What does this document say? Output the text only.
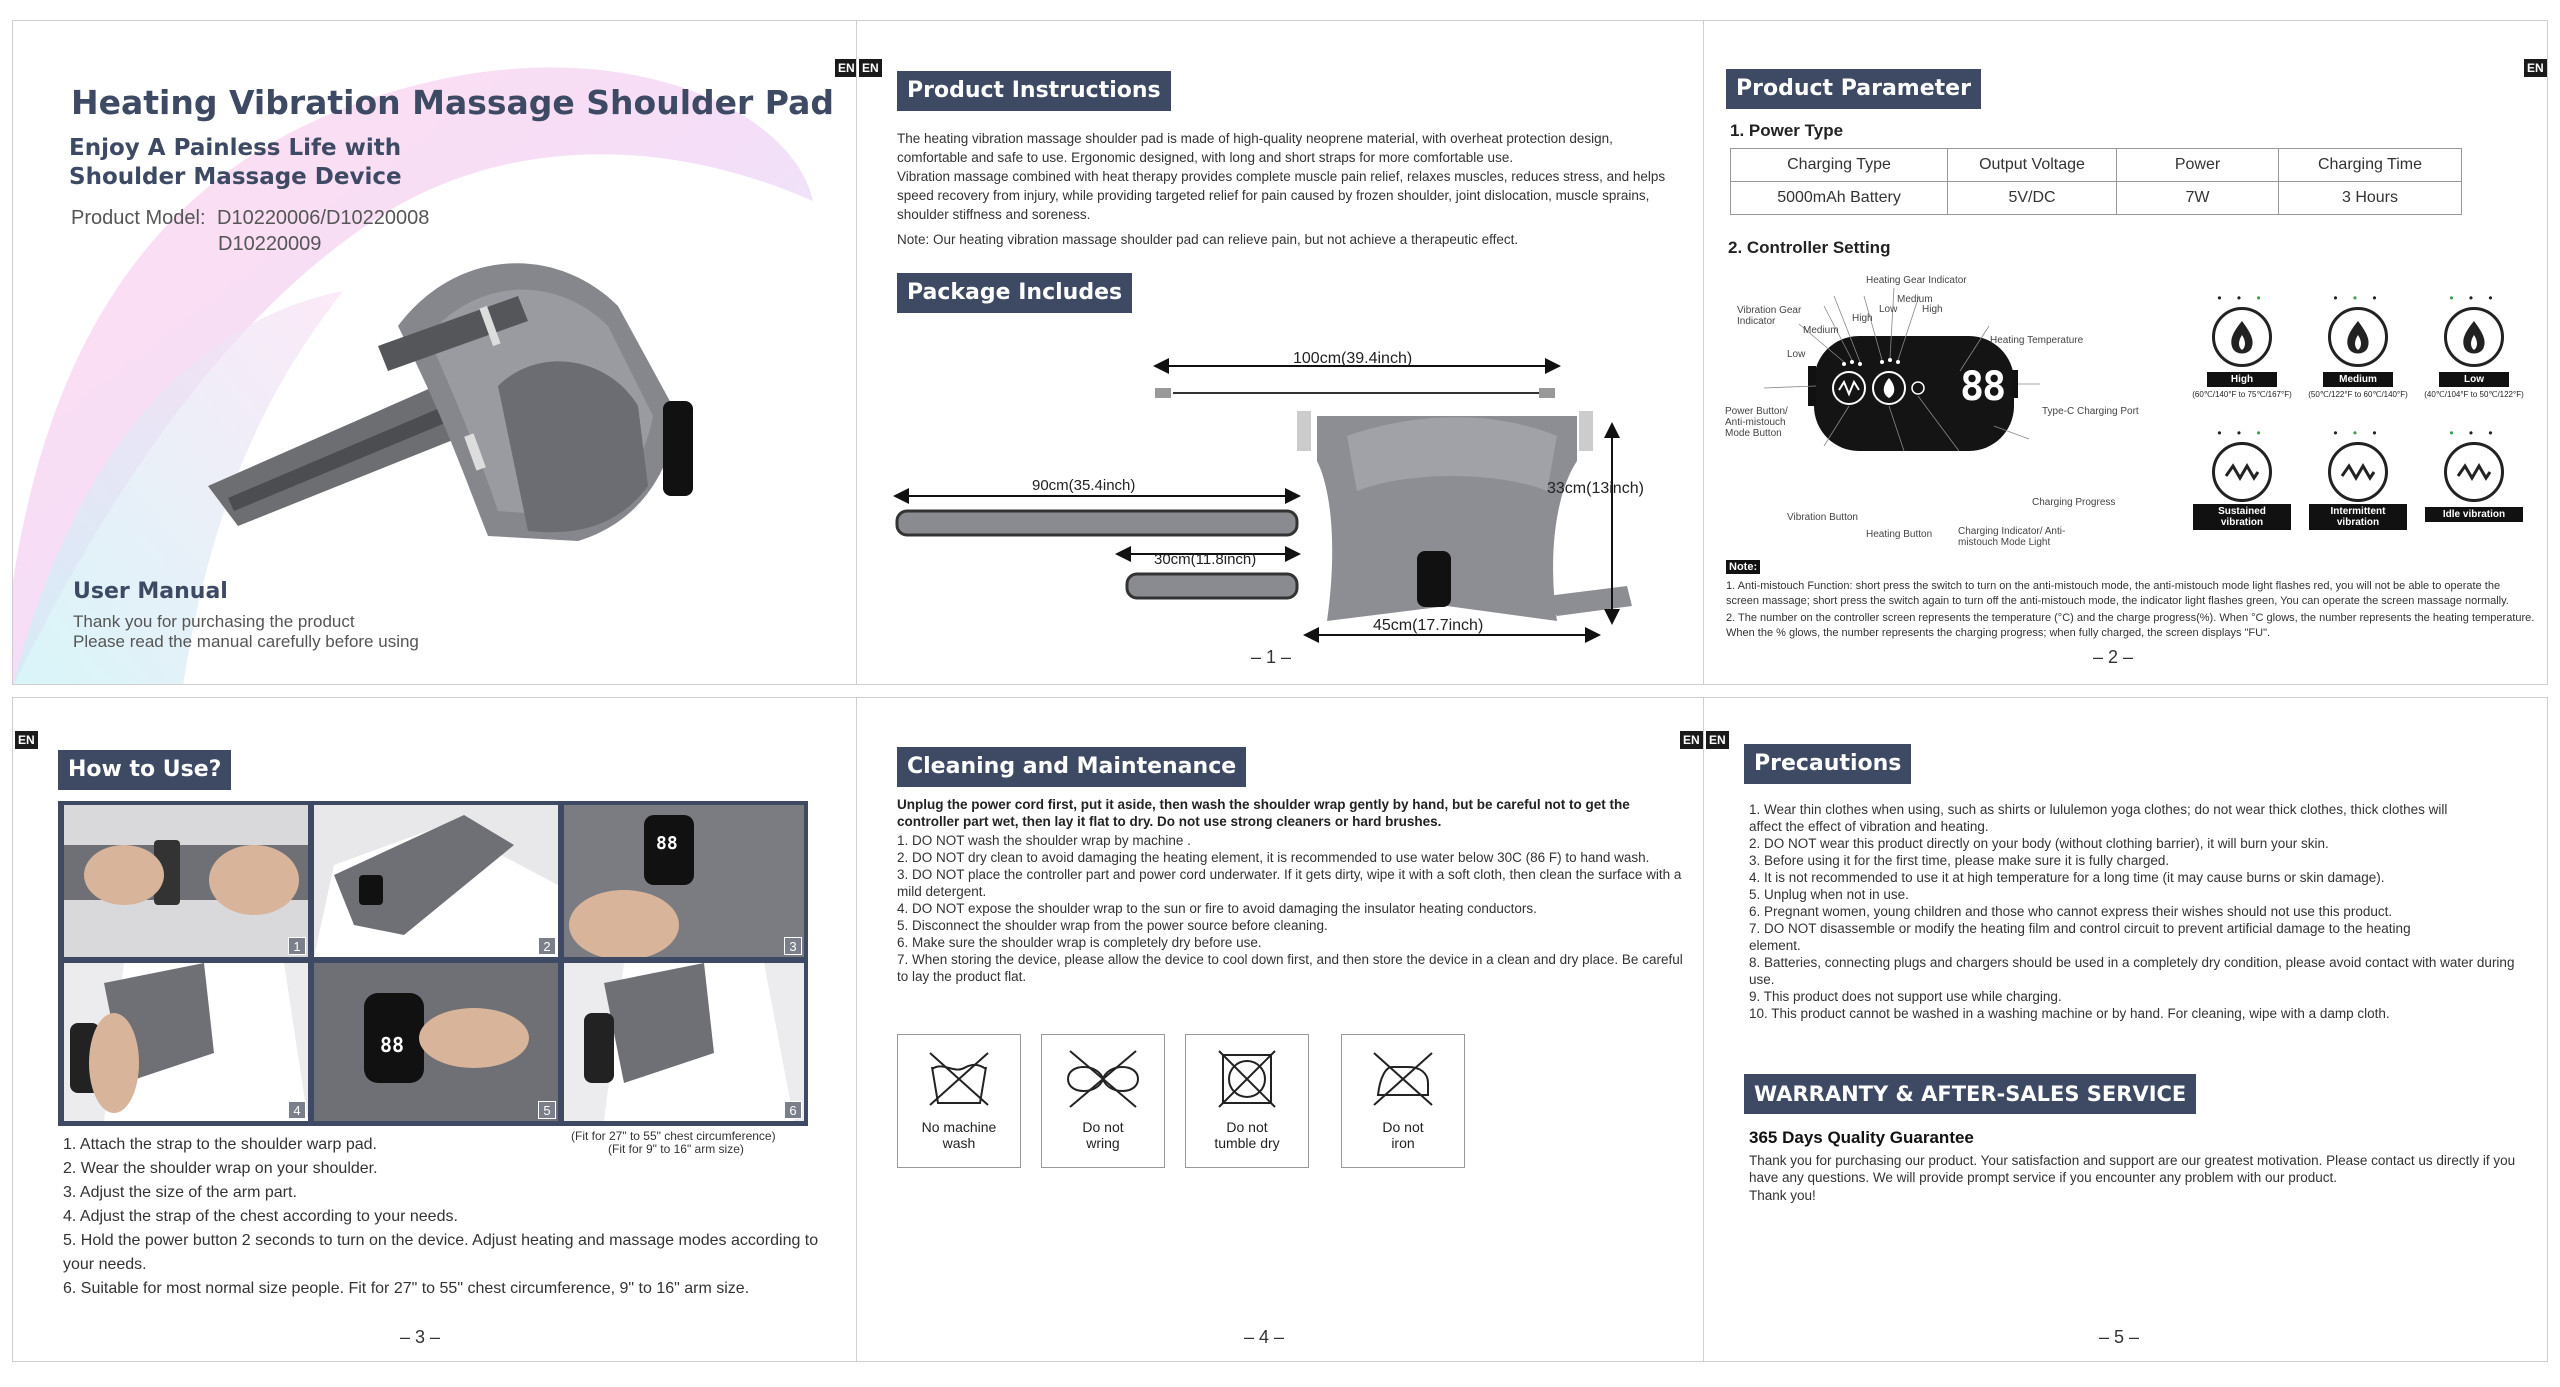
Heating Vibration Massage Shoulder Pad
Enjoy A Painless Life with
Shoulder Massage Device
Product Model: D10220006/D10220008
D10220009
User Manual
Thank you for purchasing the product
Please read the manual carefully before using
EN EN
Product Instructions
The heating vibration massage shoulder pad is made of high-quality neoprene material, with overheat protection design, comfortable and safe to use. Ergonomic designed, with long and short straps for more comfortable use.
Vibration massage combined with heat therapy provides complete muscle pain relief, relaxes muscles, reduces stress, and helps speed recovery from injury, while providing targeted relief for pain caused by frozen shoulder, joint dislocation, muscle sprains, shoulder stiffness and soreness.
Note: Our heating vibration massage shoulder pad can relieve pain, but not achieve a therapeutic effect.
Package Includes
100cm(39.4inch)
90cm(35.4inch)
30cm(11.8inch)
33cm(13inch)
45cm(17.7inch)
– 1 –
EN
Product Parameter
1. Power Type
Charging Type	Output Voltage	Power	Charging Time
5000mAh Battery	5V/DC	7W	3 Hours
2. Controller Setting
88
Heating Gear Indicator
Medium
Low
High
High
Vibration Gear Indicator
Medium
Low
Heating Temperature
Power Button/ Anti-mistouch Mode Button
Type-C Charging Port
Charging Progress
Vibration Button
Heating Button	Charging Indicator/ Anti-mistouch Mode Light
• • •
High
(60℃/140°F to 75℃/167°F)
• • •
Medium
(50℃/122°F to 60℃/140°F)
• • •
Low
(40℃/104°F to 50℃/122°F)
• • •
Sustained vibration
• • •
Intermittent vibration
• • •
Idle vibration
Note:
1. Anti-mistouch Function: short press the switch to turn on the anti-mistouch mode, the anti-mistouch mode light flashes red, you will not be able to operate the screen massage; short press the switch again to turn off the anti-mistouch mode, the indicator light flashes green, You can operate the screen massage normally.
2. The number on the controller screen represents the temperature (°C) and the charge progress(%). When °C glows, the number represents the heating temperature. When the % glows, the number represents the charging progress; when fully charged, the screen displays "FU".
– 2 –
EN
How to Use?
1	2
88
3
4
88
5	6
(Fit for 27" to 55" chest circumference)
(Fit for 9" to 16" arm size)
1. Attach the strap to the shoulder warp pad.
2. Wear the shoulder wrap on your shoulder.
3. Adjust the size of the arm part.
4. Adjust the strap of the chest according to your needs.
5. Hold the power button 2 seconds to turn on the device. Adjust heating and massage modes according to your needs.
6. Suitable for most normal size people. Fit for 27" to 55" chest circumference, 9" to 16" arm size.
– 3 –
EN
Cleaning and Maintenance
Unplug the power cord first, put it aside, then wash the shoulder wrap gently by hand, but be careful not to get the controller part wet, then lay it flat to dry. Do not use strong cleaners or hard brushes.
1. DO NOT wash the shoulder wrap by machine .
2. DO NOT dry clean to avoid damaging the heating element, it is recommended to use water below 30C (86 F) to hand wash.
3. DO NOT place the controller part and power cord underwater. If it gets dirty, wipe it with a soft cloth, then clean the surface with a mild detergent.
4. DO NOT expose the shoulder wrap to the sun or fire to avoid damaging the insulator heating conductors.
5. Disconnect the shoulder wrap from the power source before cleaning.
6. Make sure the shoulder wrap is completely dry before use.
7. When storing the device, please allow the device to cool down first, and then store the device in a clean and dry place. Be careful to lay the product flat.
No machine
wash
Do not
wring
Do not
tumble dry
Do not
iron
– 4 –
EN
Precautions
1. Wear thin clothes when using, such as shirts or lululemon yoga clothes; do not wear thick clothes, thick clothes will affect the effect of vibration and heating.
2. DO NOT wear this product directly on your body (without clothing barrier), it will burn your skin.
3. Before using it for the first time, please make sure it is fully charged.
4. It is not recommended to use it at high temperature for a long time (it may cause burns or skin damage).
5. Unplug when not in use.
6. Pregnant women, young children and those who cannot express their wishes should not use this product.
7. DO NOT disassemble or modify the heating film and control circuit to prevent artificial damage to the heating element.
8. Batteries, connecting plugs and chargers should be used in a completely dry condition, please avoid contact with water during use.
9. This product does not support use while charging.
10. This product cannot be washed in a washing machine or by hand. For cleaning, wipe with a damp cloth.
WARRANTY & AFTER-SALES SERVICE
365 Days Quality Guarantee
Thank you for purchasing our product. Your satisfaction and support are our greatest motivation. Please contact us directly if you have any questions. We will provide prompt service if you encounter any problem with our product.
Thank you!
– 5 –
